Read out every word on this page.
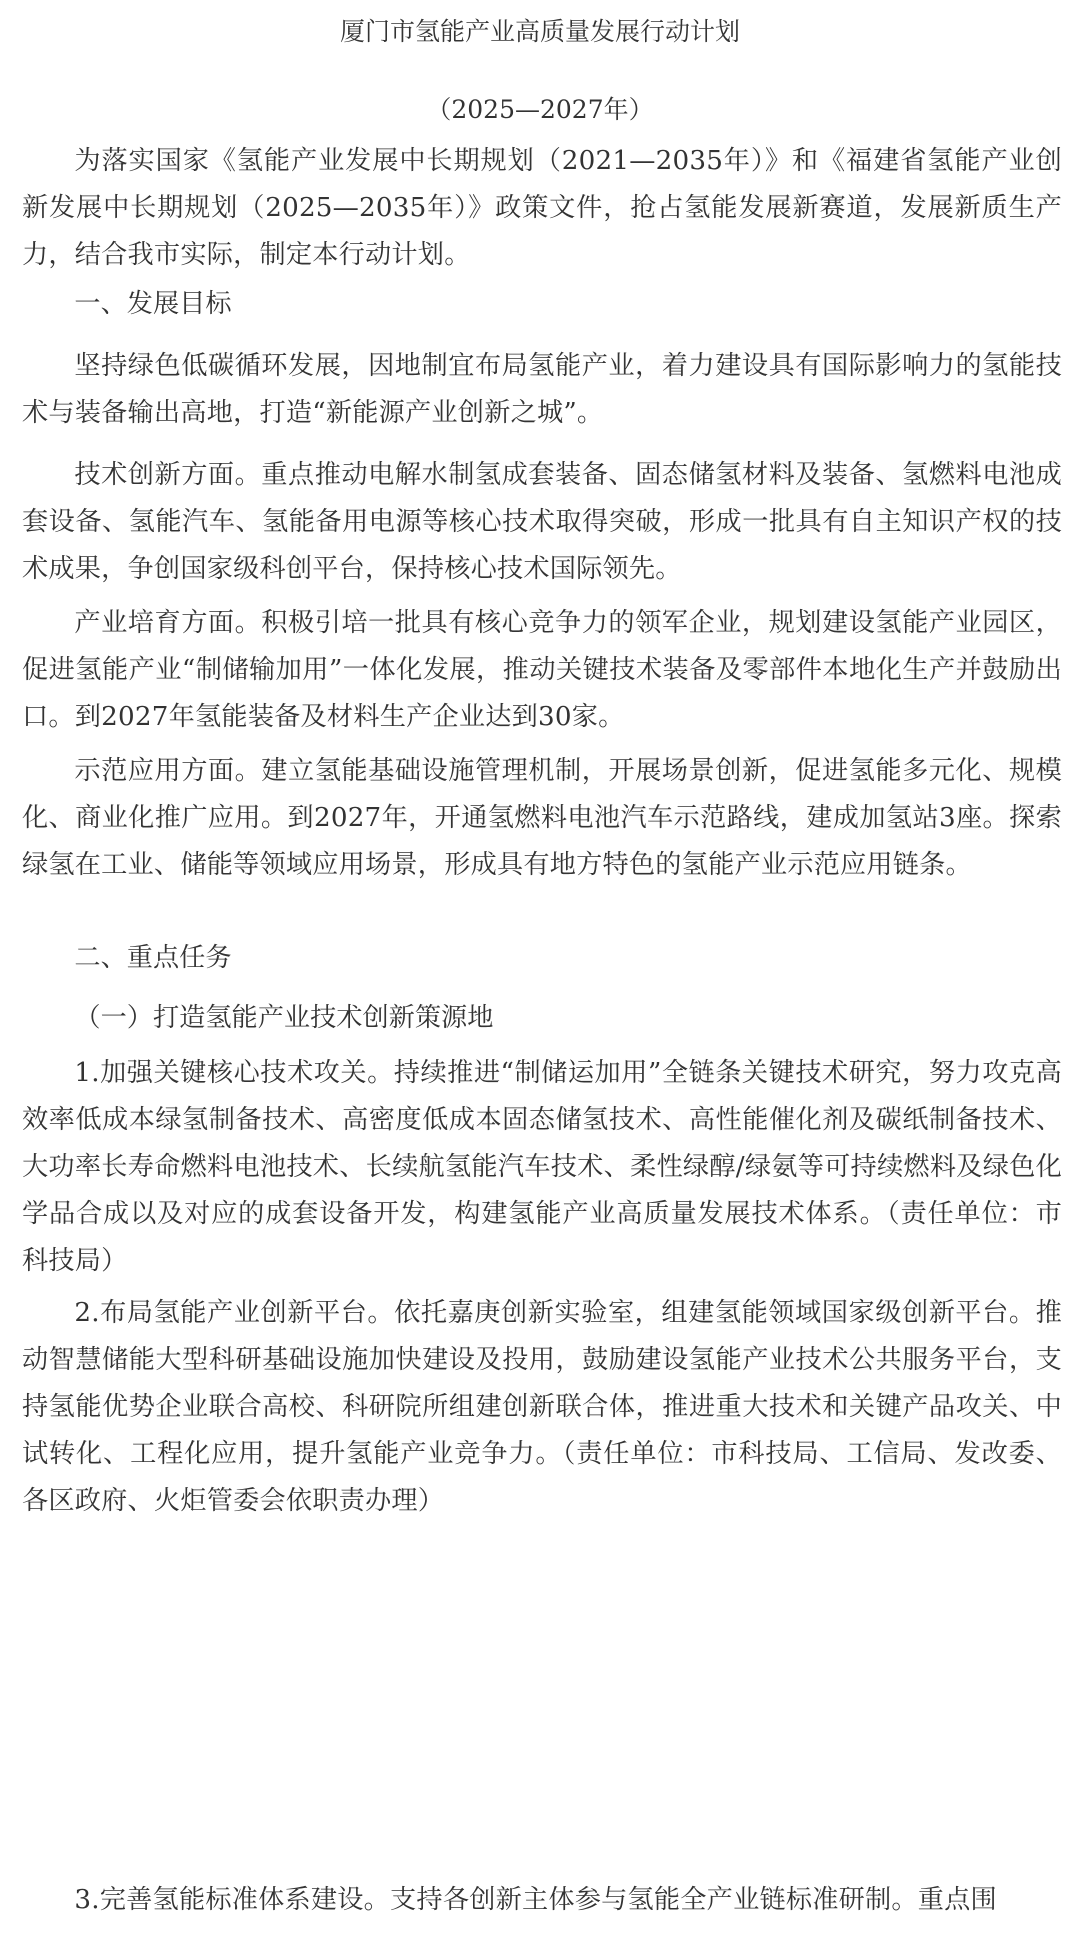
厦门市氢能产业高质量发展行动计划
（2025—2027年）

为落实国家《氢能产业发展中长期规划（2021—2035年）》和《福建省氢能产业创新发展中长期规划（2025—2035年）》政策文件，抢占氢能发展新赛道，发展新质生产力，结合我市实际，制定本行动计划。

一、发展目标

坚持绿色低碳循环发展，因地制宜布局氢能产业，着力建设具有国际影响力的氢能技术与装备输出高地，打造“新能源产业创新之城”。

技术创新方面。重点推动电解水制氢成套装备、固态储氢材料及装备、氢燃料电池成套设备、氢能汽车、氢能备用电源等核心技术取得突破，形成一批具有自主知识产权的技术成果，争创国家级科创平台，保持核心技术国际领先。

产业培育方面。积极引培一批具有核心竞争力的领军企业，规划建设氢能产业园区，促进氢能产业“制储输加用”一体化发展，推动关键技术装备及零部件本地化生产并鼓励出口。到2027年氢能装备及材料生产企业达到30家。

示范应用方面。建立氢能基础设施管理机制，开展场景创新，促进氢能多元化、规模化、商业化推广应用。到2027年，开通氢燃料电池汽车示范路线，建成加氢站3座。探索绿氢在工业、储能等领域应用场景，形成具有地方特色的氢能产业示范应用链条。

二、重点任务
（一）打造氢能产业技术创新策源地

1.加强关键核心技术攻关。持续推进“制储运加用”全链条关键技术研究，努力攻克高效率低成本绿氢制备技术、高密度低成本固态储氢技术、高性能催化剂及碳纸制备技术、大功率长寿命燃料电池技术、长续航氢能汽车技术、柔性绿醇/绿氨等可持续燃料及绿色化学品合成以及对应的成套设备开发，构建氢能产业高质量发展技术体系。（责任单位：市科技局）

2.布局氢能产业创新平台。依托嘉庚创新实验室，组建氢能领域国家级创新平台。推动智慧储能大型科研基础设施加快建设及投用，鼓励建设氢能产业技术公共服务平台，支持氢能优势企业联合高校、科研院所组建创新联合体，推进重大技术和关键产品攻关、中试转化、工程化应用，提升氢能产业竞争力。（责任单位：市科技局、工信局、发改委、各区政府、火炬管委会依职责办理）

3.完善氢能标准体系建设。支持各创新主体参与氢能全产业链标准研制。重点围
